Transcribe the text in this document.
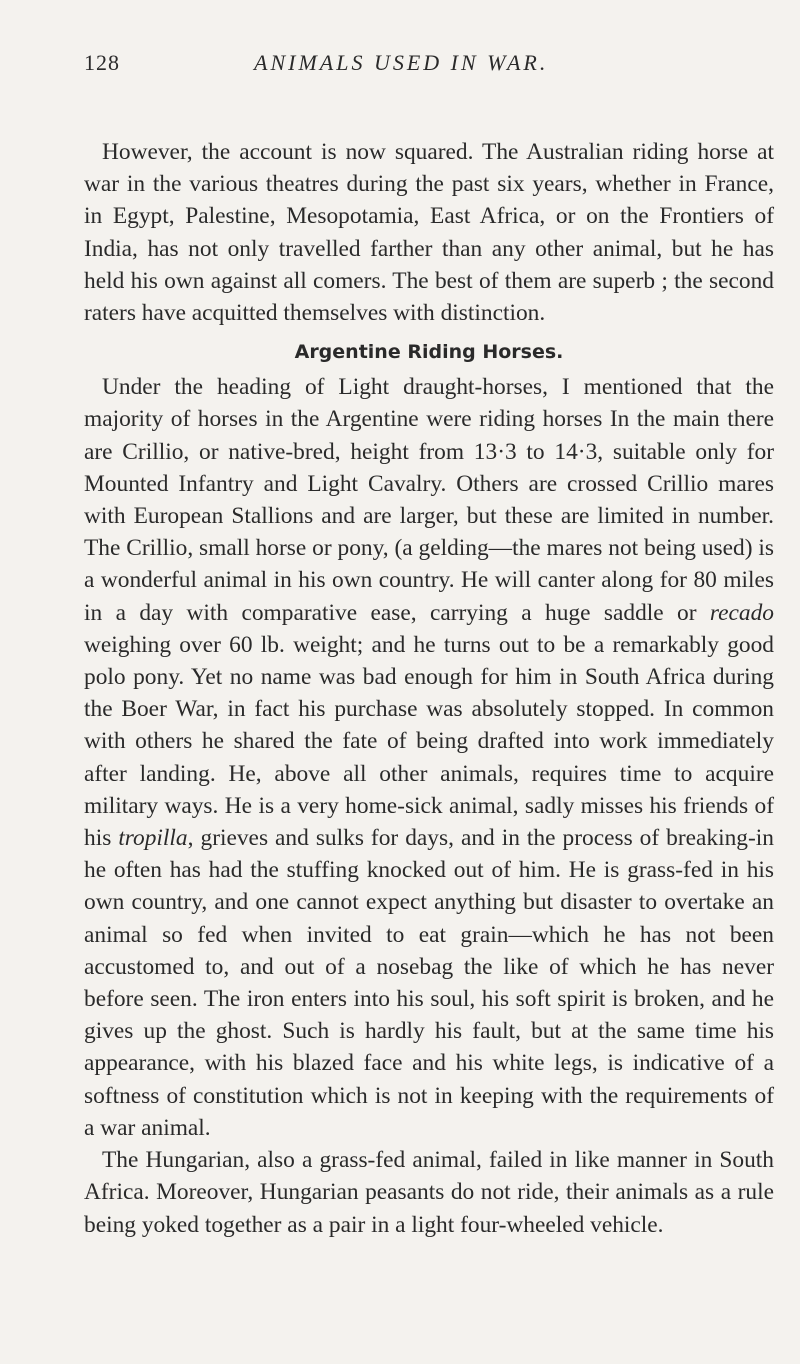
128	ANIMALS USED IN WAR.

However, the account is now squared. The Australian riding horse at war in the various theatres during the past six years, whether in France, in Egypt, Palestine, Mesopotamia, East Africa, or on the Frontiers of India, has not only travelled farther than any other animal, but he has held his own against all comers. The best of them are superb ; the second raters have acquitted themselves with distinction.

Argentine Riding Horses.

Under the heading of Light draught-horses, I mentioned that the majority of horses in the Argentine were riding horses In the main there are Crillio, or native-bred, height from 13·3 to 14·3, suitable only for Mounted Infantry and Light Cavalry. Others are crossed Crillio mares with European Stallions and are larger, but these are limited in number. The Crillio, small horse or pony, (a gelding—the mares not being used) is a wonderful animal in his own country. He will canter along for 80 miles in a day with comparative ease, carrying a huge saddle or recado weighing over 60 lb. weight; and he turns out to be a remarkably good polo pony. Yet no name was bad enough for him in South Africa during the Boer War, in fact his purchase was absolutely stopped. In common with others he shared the fate of being drafted into work immediately after landing. He, above all other animals, requires time to acquire military ways. He is a very home-sick animal, sadly misses his friends of his tropilla, grieves and sulks for days, and in the process of breaking-in he often has had the stuffing knocked out of him. He is grass-fed in his own country, and one cannot expect anything but disaster to overtake an animal so fed when invited to eat grain—which he has not been accustomed to, and out of a nosebag the like of which he has never before seen. The iron enters into his soul, his soft spirit is broken, and he gives up the ghost. Such is hardly his fault, but at the same time his appearance, with his blazed face and his white legs, is indicative of a softness of constitution which is not in keeping with the requirements of a war animal.

The Hungarian, also a grass-fed animal, failed in like manner in South Africa. Moreover, Hungarian peasants do not ride, their animals as a rule being yoked together as a pair in a light four-wheeled vehicle.
